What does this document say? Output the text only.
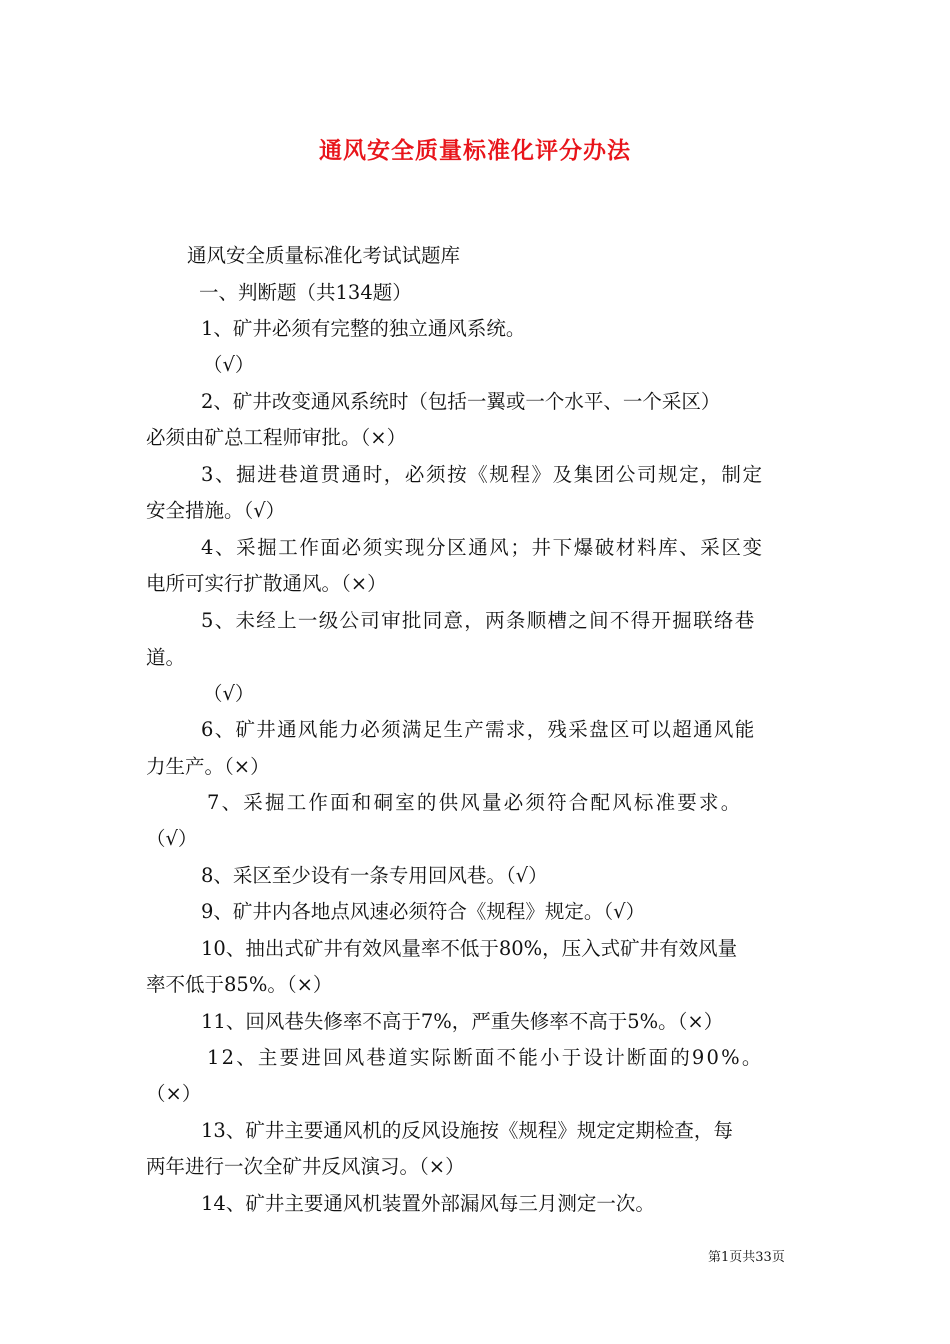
通风安全质量标准化评分办法
通风安全质量标准化考试试题库
一、判断题（共134题）
1、矿井必须有完整的独立通风系统。
（√）
2、矿井改变通风系统时（包括一翼或一个水平、一个采区）
必须由矿总工程师审批。（×）
3、掘进巷道贯通时，必须按《规程》及集团公司规定，制定
安全措施。（√）
4、采掘工作面必须实现分区通风；井下爆破材料库、采区变
电所可实行扩散通风。（×）
5、未经上一级公司审批同意，两条顺槽之间不得开掘联络巷
道。
（√）
6、矿井通风能力必须满足生产需求，残采盘区可以超通风能
力生产。（×）
7、采掘工作面和硐室的供风量必须符合配风标准要求。
（√）
8、采区至少设有一条专用回风巷。（√）
9、矿井内各地点风速必须符合《规程》规定。（√）
10、抽出式矿井有效风量率不低于80%，压入式矿井有效风量
率不低于85%。（×）
11、回风巷失修率不高于7%，严重失修率不高于5%。（×）
12、主要进回风巷道实际断面不能小于设计断面的90%。
（×）
13、矿井主要通风机的反风设施按《规程》规定定期检查，每
两年进行一次全矿井反风演习。（×）
14、矿井主要通风机装置外部漏风每三月测定一次。
第1页共33页
